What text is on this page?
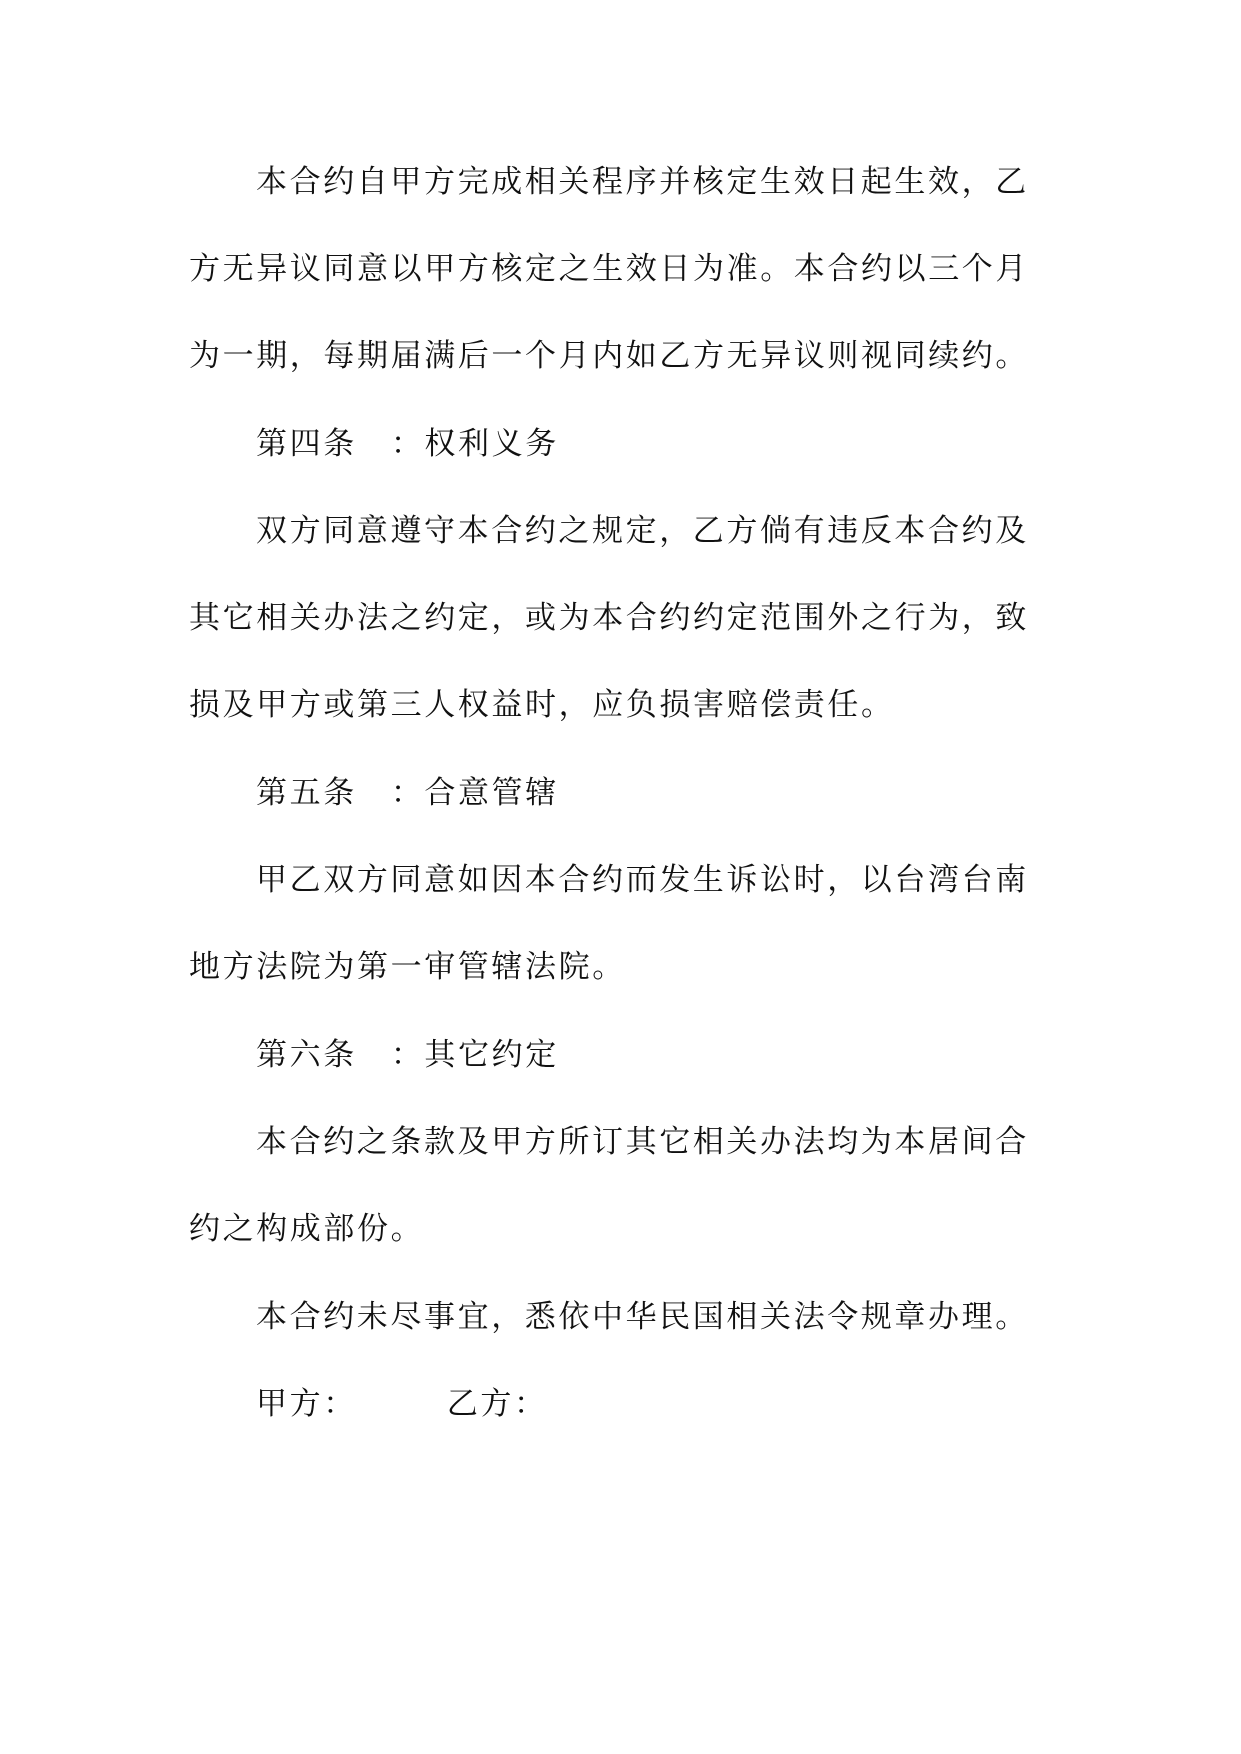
本合约自甲方完成相关程序并核定生效日起生效，乙
方无异议同意以甲方核定之生效日为准。本合约以三个月
为一期，每期届满后一个月内如乙方无异议则视同续约。
第四条 ：权利义务
双方同意遵守本合约之规定，乙方倘有违反本合约及
其它相关办法之约定，或为本合约约定范围外之行为，致
损及甲方或第三人权益时，应负损害赔偿责任。
第五条 ：合意管辖
甲乙双方同意如因本合约而发生诉讼时，以台湾台南
地方法院为第一审管辖法院。
第六条 ：其它约定
本合约之条款及甲方所订其它相关办法均为本居间合
约之构成部份。
本合约未尽事宜，悉依中华民国相关法令规章办理。
甲方：	乙方：
